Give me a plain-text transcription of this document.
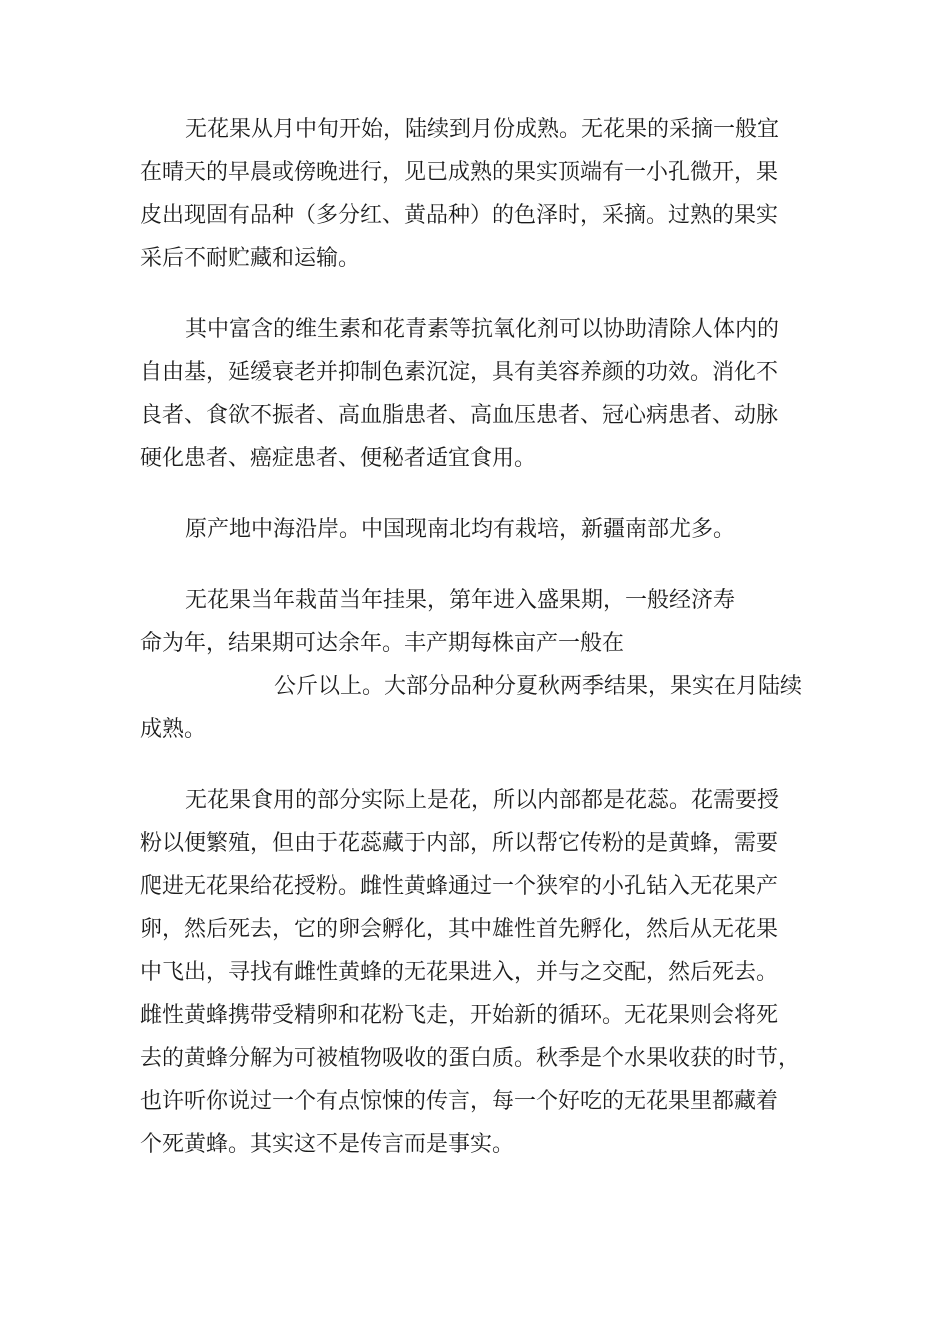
无花果从月中旬开始，陆续到月份成熟。无花果的采摘一般宜
在晴天的早晨或傍晚进行，见已成熟的果实顶端有一小孔微开，果
皮出现固有品种（多分红、黄品种）的色泽时，采摘。过熟的果实
采后不耐贮藏和运输。
其中富含的维生素和花青素等抗氧化剂可以协助清除人体内的
自由基，延缓衰老并抑制色素沉淀，具有美容养颜的功效。消化不
良者、食欲不振者、高血脂患者、高血压患者、冠心病患者、动脉
硬化患者、癌症患者、便秘者适宜食用。
原产地中海沿岸。中国现南北均有栽培，新疆南部尤多。
无花果当年栽苗当年挂果，第年进入盛果期，一般经济寿
命为年，结果期可达余年。丰产期每株亩产一般在
公斤以上。大部分品种分夏秋两季结果，果实在月陆续
成熟。
无花果食用的部分实际上是花，所以内部都是花蕊。花需要授
粉以便繁殖，但由于花蕊藏于内部，所以帮它传粉的是黄蜂，需要
爬进无花果给花授粉。雌性黄蜂通过一个狭窄的小孔钻入无花果产
卵，然后死去，它的卵会孵化，其中雄性首先孵化，然后从无花果
中飞出，寻找有雌性黄蜂的无花果进入，并与之交配，然后死去。
雌性黄蜂携带受精卵和花粉飞走，开始新的循环。无花果则会将死
去的黄蜂分解为可被植物吸收的蛋白质。秋季是个水果收获的时节，
也许听你说过一个有点惊悚的传言，每一个好吃的无花果里都藏着
个死黄蜂。其实这不是传言而是事实。
